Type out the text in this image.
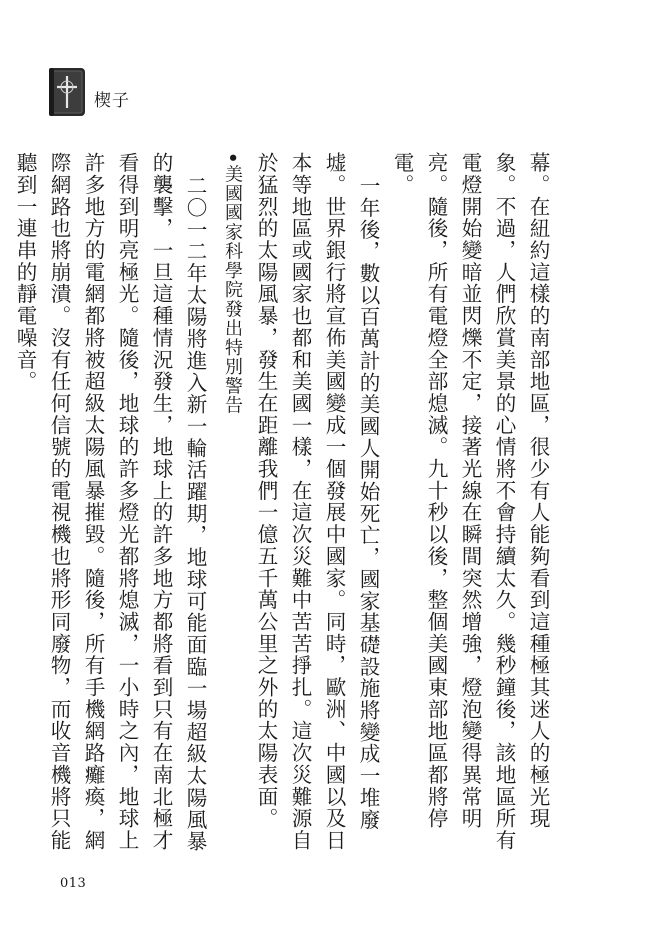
楔子

幕。在紐約這樣的南部地區，很少有人能夠看到這種極其迷人的極光現象。不過，人們欣賞美景的心情將不會持續太久。幾秒鐘後，該地區所有電燈開始變暗並閃爍不定，接著光線在瞬間突然增強，燈泡變得異常明亮。隨後，所有電燈全部熄滅。九十秒以後，整個美國東部地區都將停電。

一年後，數以百萬計的美國人開始死亡，國家基礎設施將變成一堆廢墟。世界銀行將宣佈美國變成一個發展中國家。同時，歐洲、中國以及日本等地區或國家也都和美國一樣，在這次災難中苦苦掙扎。這次災難源自於猛烈的太陽風暴，發生在距離我們一億五千萬公里之外的太陽表面。

•美國國家科學院發出特別警告

二〇一二年太陽將進入新一輪活躍期，地球可能面臨一場超級太陽風暴的襲擊，一旦這種情況發生，地球上的許多地方都將看到只有在南北極才看得到明亮極光。隨後，地球的許多燈光都將熄滅，一小時之內，地球上許多地方的電網都將被超級太陽風暴摧毀。隨後，所有手機網路癱瘓，網際網路也將崩潰。沒有任何信號的電視機也將形同廢物，而收音機將只能聽到一連串的靜電噪音。

013
